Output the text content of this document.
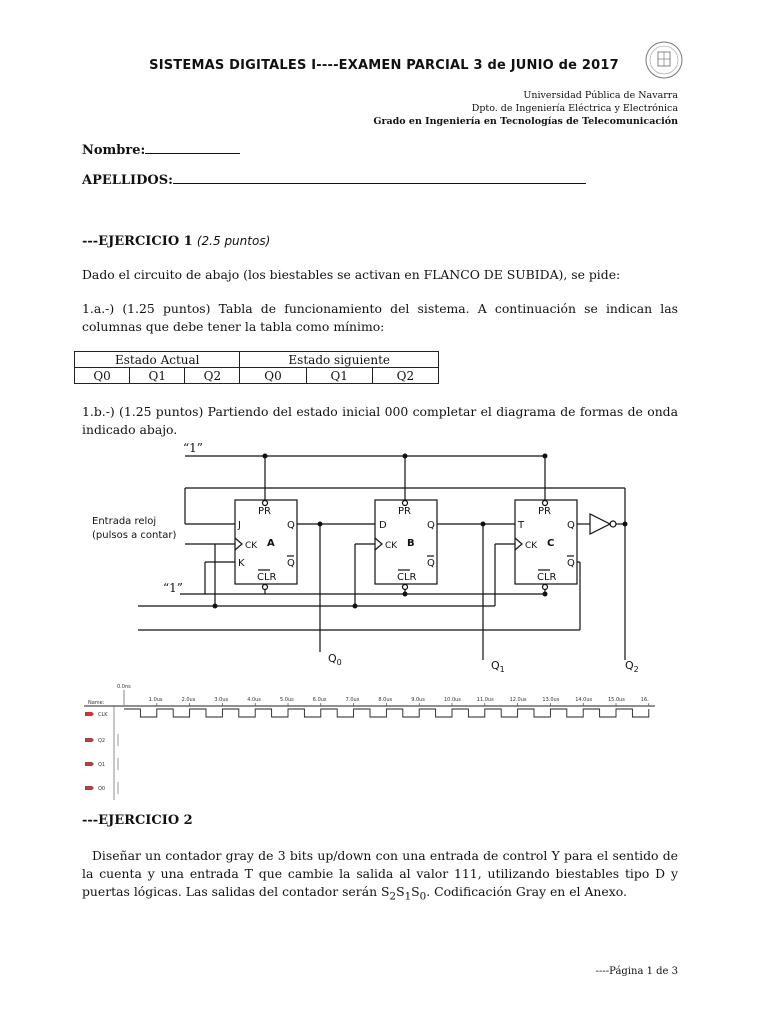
SISTEMAS DIGITALES I----EXAMEN PARCIAL 3 de JUNIO de 2017
Universidad Pública de Navarra
Dpto. de Ingeniería Eléctrica y Electrónica
Grado en Ingeniería en Tecnologías de Telecomunicación
Nombre:
APELLIDOS:
---EJERCICIO 1 (2.5 puntos)
Dado el circuito de abajo (los biestables se activan en FLANCO DE SUBIDA), se pide:
1.a.-) (1.25 puntos) Tabla de funcionamiento del sistema. A continuación se indican las columnas que debe tener la tabla como mínimo:
Estado Actual			Estado siguiente		
Q0	Q1	Q2	Q0	Q1	Q2
1.b.-) (1.25 puntos) Partiendo del estado inicial 000 completar el diagrama de formas de onda indicado abajo.
“1”
“1”
Entrada reloj
(pulsos a contar)
PR
J
CK
K
Q
Q
A
CLR
PR
D
CK
Q
Q
B
CLR
PR
T
CK
Q
Q
C
CLR
$Q_0$	$Q_1$	$Q_2$
0.0ns
Name:	1.0us	2.0us	3.0us	4.0us	5.0us	6.0us	7.0us	8.0us	9.0us	10.0us	11.0us	12.0us	13.0us	14.0us	15.0us	16.
CLK
Q2
Q1
Q0
---EJERCICIO 2
Diseñar un contador gray de 3 bits up/down con una entrada de control Y para el sentido de la cuenta y una entrada T que cambie la salida al valor 111, utilizando biestables tipo D y puertas lógicas. Las salidas del contador serán $S_2S_1S_0$. Codificación Gray en el Anexo.
----Página 1 de 3
